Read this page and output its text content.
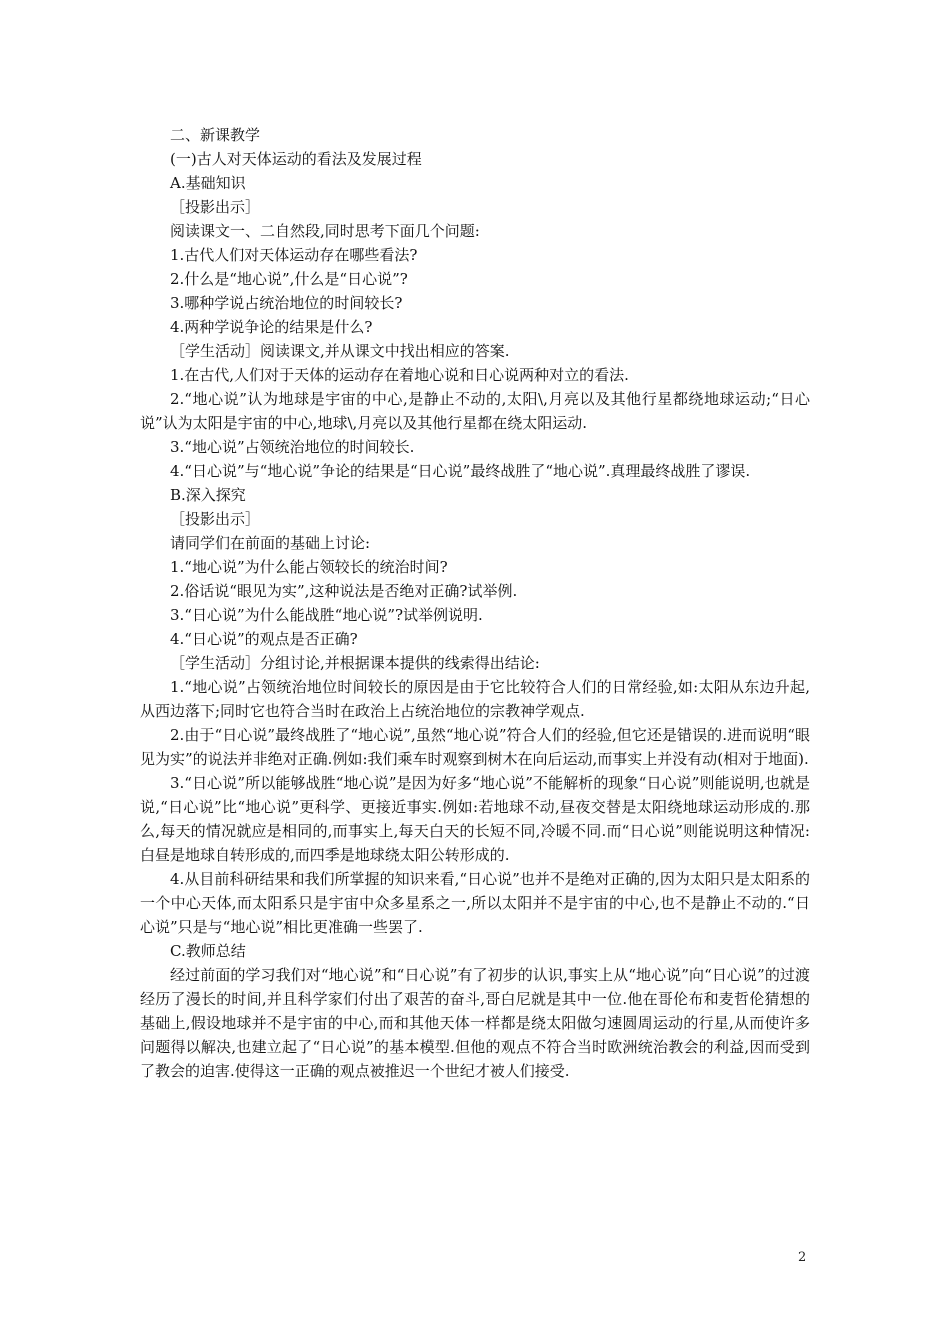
二、新课教学

(一)古人对天体运动的看法及发展过程

A.基础知识

［投影出示］

阅读课文一、二自然段,同时思考下面几个问题:

1.古代人们对天体运动存在哪些看法?

2.什么是“地心说”,什么是“日心说”?

3.哪种学说占统治地位的时间较长?

4.两种学说争论的结果是什么?

［学生活动］阅读课文,并从课文中找出相应的答案.

1.在古代,人们对于天体的运动存在着地心说和日心说两种对立的看法.

2.“地心说”认为地球是宇宙的中心,是静止不动的,太阳\,月亮以及其他行星都绕地球运动;“日心说”认为太阳是宇宙的中心,地球\,月亮以及其他行星都在绕太阳运动.

3.“地心说”占领统治地位的时间较长.

4.“日心说”与“地心说”争论的结果是“日心说”最终战胜了“地心说”.真理最终战胜了谬误.

B.深入探究

［投影出示］

请同学们在前面的基础上讨论:

1.“地心说”为什么能占领较长的统治时间?

2.俗话说“眼见为实”,这种说法是否绝对正确?试举例.

3.“日心说”为什么能战胜“地心说”?试举例说明.

4.“日心说”的观点是否正确?

［学生活动］分组讨论,并根据课本提供的线索得出结论:

1.“地心说”占领统治地位时间较长的原因是由于它比较符合人们的日常经验,如:太阳从东边升起,从西边落下;同时它也符合当时在政治上占统治地位的宗教神学观点.

2.由于“日心说”最终战胜了“地心说”,虽然“地心说”符合人们的经验,但它还是错误的.进而说明“眼见为实”的说法并非绝对正确.例如:我们乘车时观察到树木在向后运动,而事实上并没有动(相对于地面).

3.“日心说”所以能够战胜“地心说”是因为好多“地心说”不能解析的现象“日心说”则能说明,也就是说,“日心说”比“地心说”更科学、更接近事实.例如:若地球不动,昼夜交替是太阳绕地球运动形成的.那么,每天的情况就应是相同的,而事实上,每天白天的长短不同,冷暖不同.而“日心说”则能说明这种情况:白昼是地球自转形成的,而四季是地球绕太阳公转形成的.

4.从目前科研结果和我们所掌握的知识来看,“日心说”也并不是绝对正确的,因为太阳只是太阳系的一个中心天体,而太阳系只是宇宙中众多星系之一,所以太阳并不是宇宙的中心,也不是静止不动的.“日心说”只是与“地心说”相比更准确一些罢了.

C.教师总结

经过前面的学习我们对“地心说”和“日心说”有了初步的认识,事实上从“地心说”向“日心说”的过渡经历了漫长的时间,并且科学家们付出了艰苦的奋斗,哥白尼就是其中一位.他在哥伦布和麦哲伦猜想的基础上,假设地球并不是宇宙的中心,而和其他天体一样都是绕太阳做匀速圆周运动的行星,从而使许多问题得以解决,也建立起了“日心说”的基本模型.但他的观点不符合当时欧洲统治教会的利益,因而受到了教会的迫害.使得这一正确的观点被推迟一个世纪才被人们接受.

2
